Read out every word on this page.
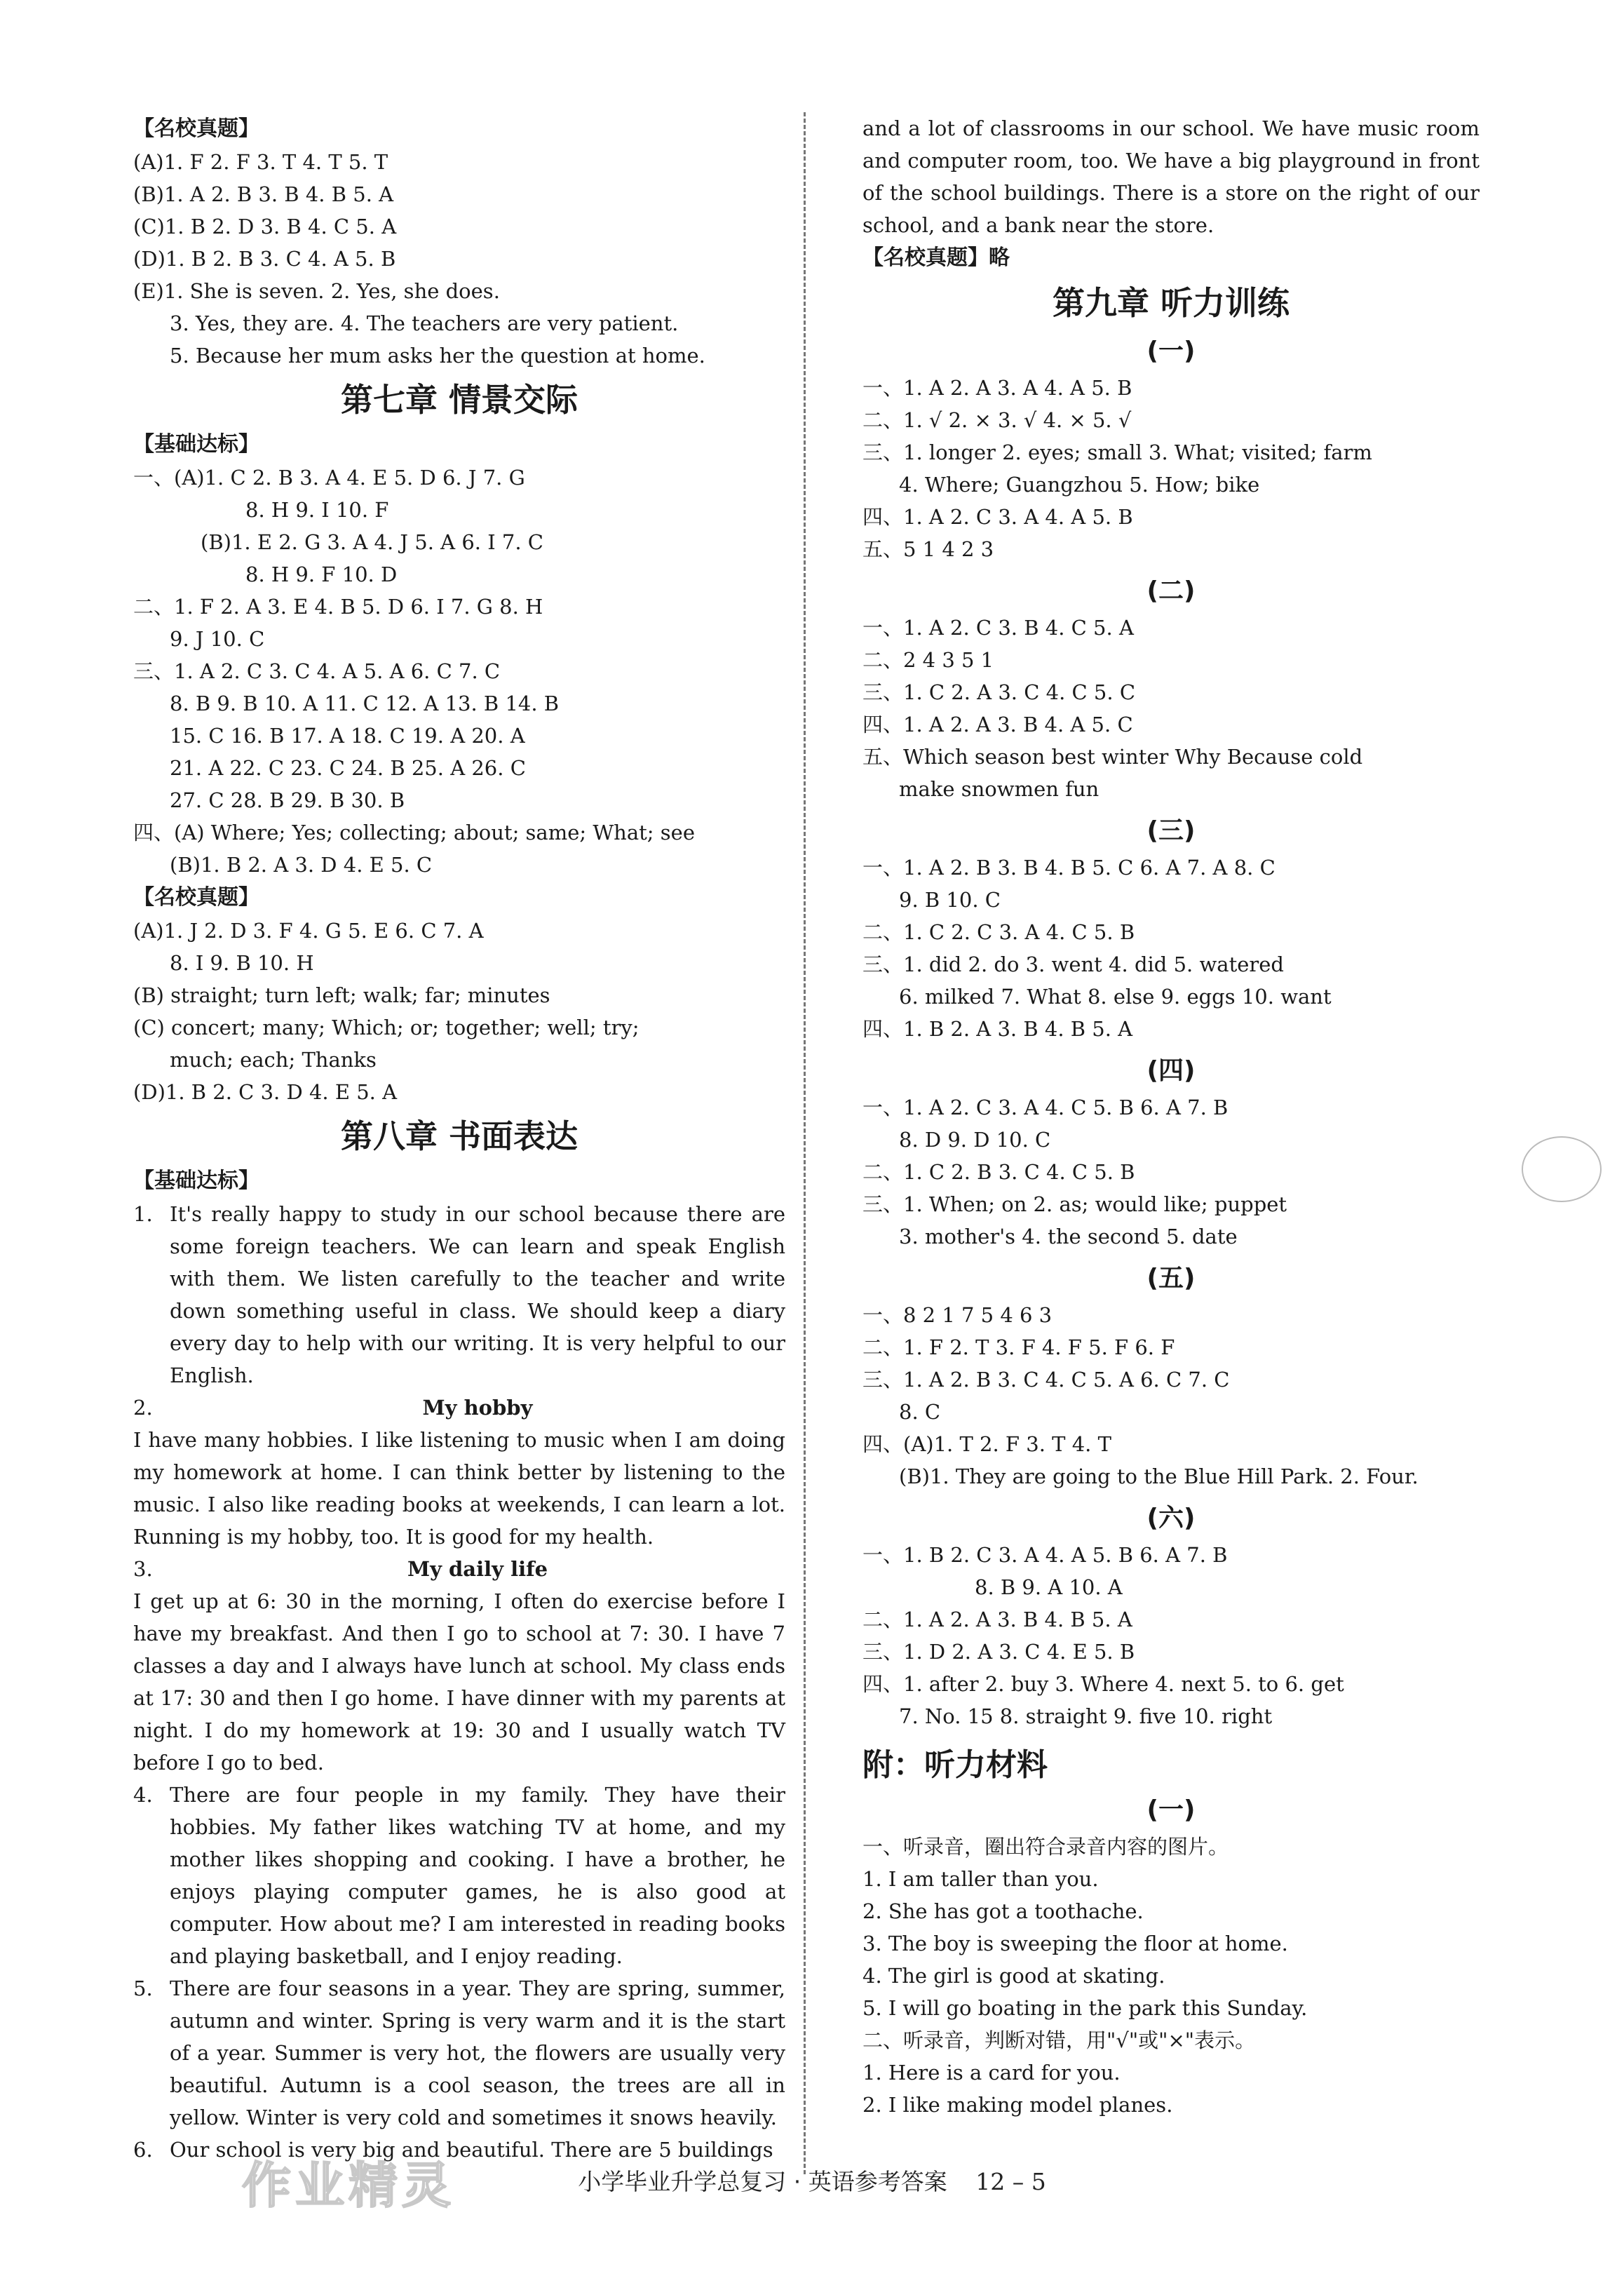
【名校真题】
(A)1. F 2. F 3. T 4. T 5. T
(B)1. A 2. B 3. B 4. B 5. A
(C)1. B 2. D 3. B 4. C 5. A
(D)1. B 2. B 3. C 4. A 5. B
(E)1. She is seven. 2. Yes, she does.
3. Yes, they are. 4. The teachers are very patient.
5. Because her mum asks her the question at home.
第七章 情景交际
【基础达标】
一、(A)1. C 2. B 3. A 4. E 5. D 6. J 7. G
8. H 9. I 10. F
(B)1. E 2. G 3. A 4. J 5. A 6. I 7. C
8. H 9. F 10. D
二、1. F 2. A 3. E 4. B 5. D 6. I 7. G 8. H
9. J 10. C
三、1. A 2. C 3. C 4. A 5. A 6. C 7. C
8. B 9. B 10. A 11. C 12. A 13. B 14. B
15. C 16. B 17. A 18. C 19. A 20. A
21. A 22. C 23. C 24. B 25. A 26. C
27. C 28. B 29. B 30. B
四、(A) Where; Yes; collecting; about; same; What; see
(B)1. B 2. A 3. D 4. E 5. C
【名校真题】
(A)1. J 2. D 3. F 4. G 5. E 6. C 7. A
8. I 9. B 10. H
(B) straight; turn left; walk; far; minutes
(C) concert; many; Which; or; together; well; try;
much; each; Thanks
(D)1. B 2. C 3. D 4. E 5. A
第八章 书面表达
【基础达标】
1. It's really happy to study in our school because there are some foreign teachers. We can learn and speak English with them. We listen carefully to the teacher and write down something useful in class. We should keep a diary every day to help with our writing. It is very helpful to our English.
2.	My hobby
I have many hobbies. I like listening to music when I am doing my homework at home. I can think better by listening to the music. I also like reading books at weekends, I can learn a lot. Running is my hobby, too. It is good for my health.
3.	My daily life
I get up at 6: 30 in the morning, I often do exercise before I have my breakfast. And then I go to school at 7: 30. I have 7 classes a day and I always have lunch at school. My class ends at 17: 30 and then I go home. I have dinner with my parents at night. I do my homework at 19: 30 and I usually watch TV before I go to bed.
4. There are four people in my family. They have their hobbies. My father likes watching TV at home, and my mother likes shopping and cooking. I have a brother, he enjoys playing computer games, he is also good at computer. How about me? I am interested in reading books and playing basketball, and I enjoy reading.
5. There are four seasons in a year. They are spring, summer, autumn and winter. Spring is very warm and it is the start of a year. Summer is very hot, the flowers are usually very beautiful. Autumn is a cool season, the trees are all in yellow. Winter is very cold and sometimes it snows heavily.
6. Our school is very big and beautiful. There are 5 buildings
and a lot of classrooms in our school. We have music room and computer room, too. We have a big playground in front of the school buildings. There is a store on the right of our school, and a bank near the store.
【名校真题】略
第九章 听力训练
(一)
一、1. A 2. A 3. A 4. A 5. B
二、1. √ 2. × 3. √ 4. × 5. √
三、1. longer 2. eyes; small 3. What; visited; farm
4. Where; Guangzhou 5. How; bike
四、1. A 2. C 3. A 4. A 5. B
五、5 1 4 2 3
(二)
一、1. A 2. C 3. B 4. C 5. A
二、2 4 3 5 1
三、1. C 2. A 3. C 4. C 5. C
四、1. A 2. A 3. B 4. A 5. C
五、Which season best winter Why Because cold
make snowmen fun
(三)
一、1. A 2. B 3. B 4. B 5. C 6. A 7. A 8. C
9. B 10. C
二、1. C 2. C 3. A 4. C 5. B
三、1. did 2. do 3. went 4. did 5. watered
6. milked 7. What 8. else 9. eggs 10. want
四、1. B 2. A 3. B 4. B 5. A
(四)
一、1. A 2. C 3. A 4. C 5. B 6. A 7. B
8. D 9. D 10. C
二、1. C 2. B 3. C 4. C 5. B
三、1. When; on 2. as; would like; puppet
3. mother's 4. the second 5. date
(五)
一、8 2 1 7 5 4 6 3
二、1. F 2. T 3. F 4. F 5. F 6. F
三、1. A 2. B 3. C 4. C 5. A 6. C 7. C
8. C
四、(A)1. T 2. F 3. T 4. T
(B)1. They are going to the Blue Hill Park. 2. Four.
(六)
一、1. B 2. C 3. A 4. A 5. B 6. A 7. B
8. B 9. A 10. A
二、1. A 2. A 3. B 4. B 5. A
三、1. D 2. A 3. C 4. E 5. B
四、1. after 2. buy 3. Where 4. next 5. to 6. get
7. No. 15 8. straight 9. five 10. right
附：听力材料
(一)
一、听录音，圈出符合录音内容的图片。
1. I am taller than you.
2. She has got a toothache.
3. The boy is sweeping the floor at home.
4. The girl is good at skating.
5. I will go boating in the park this Sunday.
二、听录音，判断对错，用"√"或"×"表示。
1. Here is a card for you.
2. I like making model planes.
作业精灵	小学毕业升学总复习 · 英语参考答案 12 – 5
